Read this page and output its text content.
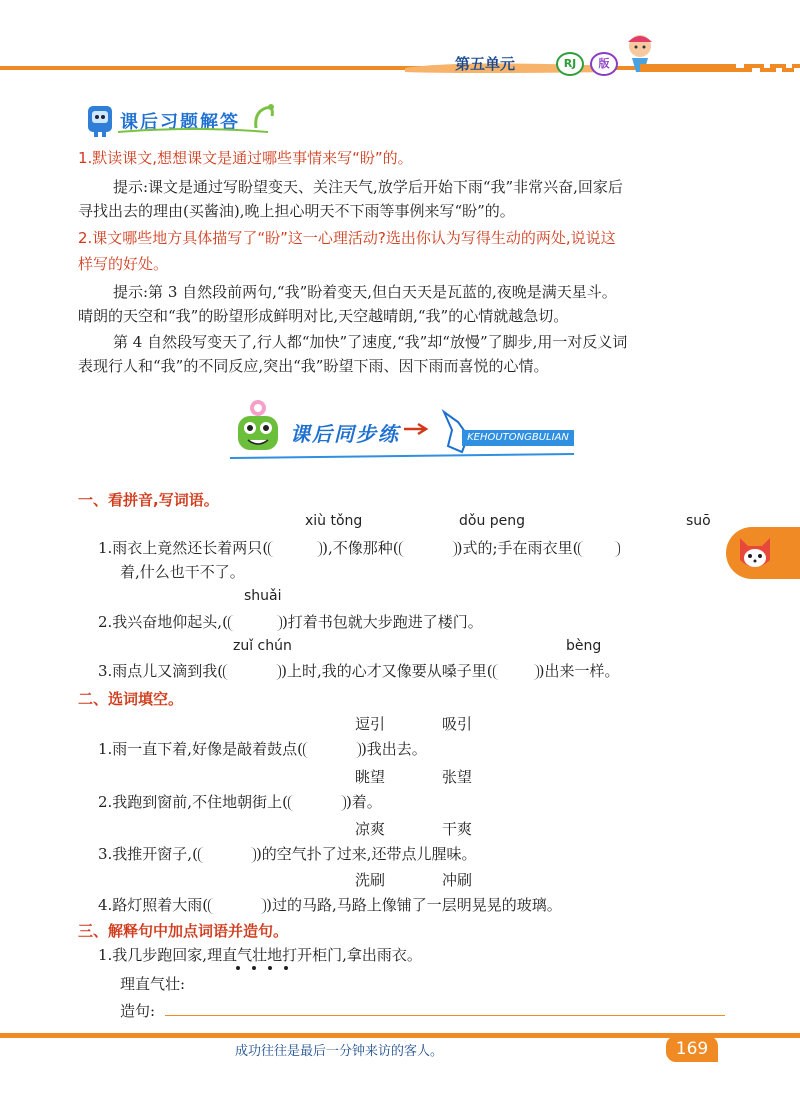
第五单元	RJ	版
课后习题解答
1.默读课文,想想课文是通过哪些事情来写“盼”的。
提示:课文是通过写盼望变天、关注天气,放学后开始下雨“我”非常兴奋,回家后
寻找出去的理由(买酱油),晚上担心明天不下雨等事例来写“盼”的。
2.课文哪些地方具体描写了“盼”这一心理活动?选出你认为写得生动的两处,说说这
样写的好处。
提示:第 3 自然段前两句,“我”盼着变天,但白天天是瓦蓝的,夜晚是满天星斗。
晴朗的天空和“我”的盼望形成鲜明对比,天空越晴朗,“我”的心情就越急切。
第 4 自然段写变天了,行人都“加快”了速度,“我”却“放慢”了脚步,用一对反义词
表现行人和“我”的不同反应,突出“我”盼望下雨、因下雨而喜悦的心情。
课后同步练	KEHOUTONGBULIAN
一、看拼音,写词语。
xiù tǒng	dǒu peng	suō
1.雨衣上竟然还长着两只(	),不像那种(	)式的;手在雨衣里(
着,什么也干不了。
shuǎi
2.我兴奋地仰起头,(	)打着书包就大步跑进了楼门。
zuǐ chún	bèng
3.雨点儿又滴到我(	)上时,我的心才又像要从嗓子里(	)出来一样。
二、选词填空。
逗引	吸引
1.雨一直下着,好像是敲着鼓点(	)我出去。
眺望	张望
2.我跑到窗前,不住地朝街上(	)着。
凉爽	干爽
3.我推开窗子,(	)的空气扑了过来,还带点儿腥味。
洗刷	冲刷
4.路灯照着大雨(	)过的马路,马路上像铺了一层明晃晃的玻璃。
三、解释句中加点词语并造句。
1.我几步跑回家,理直气壮地打开柜门,拿出雨衣。
理直气壮:
造句:
成功往往是最后一分钟来访的客人。	169
